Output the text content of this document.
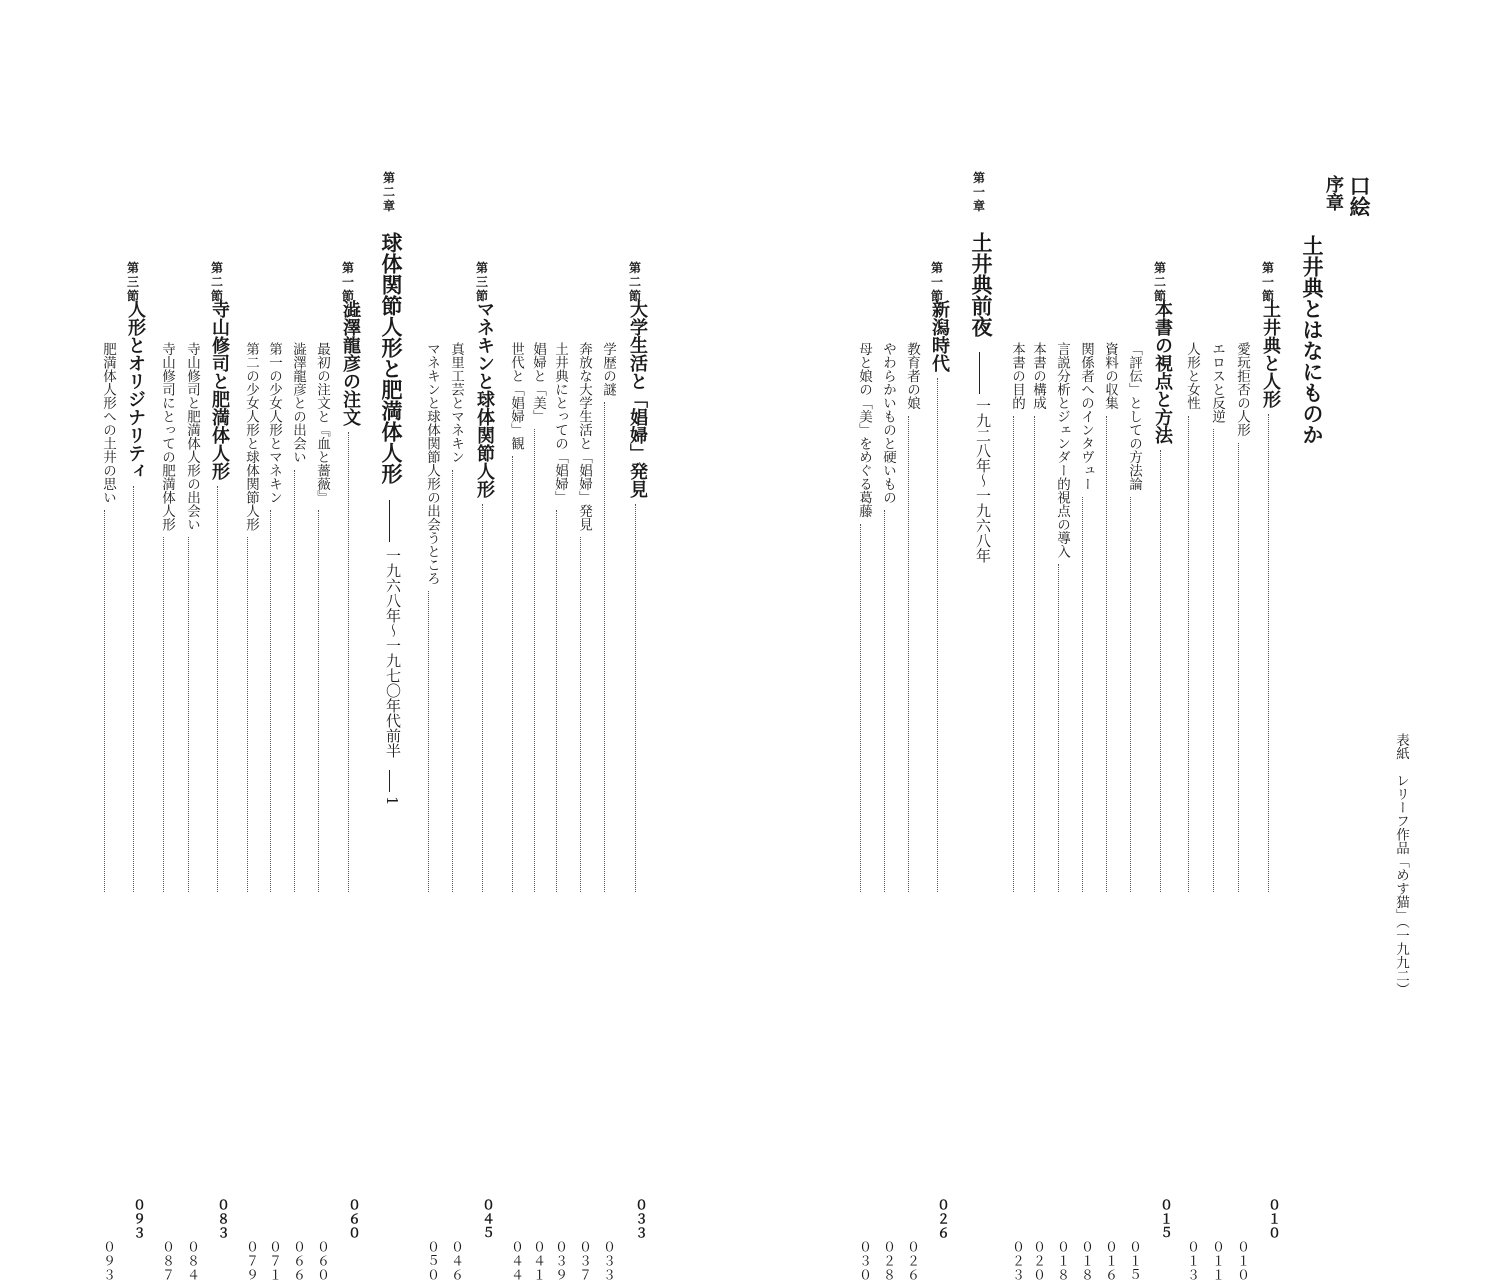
第
二
節
大学生活と「娼婦」発見
０３３
学歴の謎
０３３
奔放な大学生活と「娼婦」発見
０３７
土井典にとっての「娼婦」
０３９
娼婦と「美」
０４１
世代と「娼婦」観
０４４
第
三
節
マネキンと球体関節人形
０４５
真里工芸とマネキン
０４６
マネキンと球体関節人形の出会うところ
０５０
第
二
章
球体関節人形と肥満体人形
一九六八年〜一九七〇年代前半
1
第
一
節
澁澤龍彦の注文
０６０
最初の注文と『血と薔薇』
０６０
澁澤龍彦との出会い
０６６
第一の少女人形とマネキン
０７１
第二の少女人形と球体関節人形
０７９
第
二
節
寺山修司と肥満体人形
０８３
寺山修司と肥満体人形の出会い
０８４
寺山修司にとっての肥満体人形
０８７
第
三
節
人形とオリジナリティ
０９３
肥満体人形への土井の思い
０９３
口絵
序章
表紙　レリーフ作品「めす猫」（一九九二）
土井典とはなにものか
第
一
節
土井典と人形
０１０
愛玩拒否の人形
０１０
エロスと反逆
０１１
人形と女性
０１３
第
二
節
本書の視点と方法
０１５
「評伝」としての方法論
０１５
資料の収集
０１６
関係者へのインタヴュー
０１８
言説分析とジェンダー的視点の導入
０１８
本書の構成
０２０
本書の目的
０２３
第
一
章
土井典前夜
一九二八年〜一九六八年
第
一
節
新潟時代
０２６
教育者の娘
０２６
やわらかいものと硬いもの
０２８
母と娘の「美」をめぐる葛藤
０３０
